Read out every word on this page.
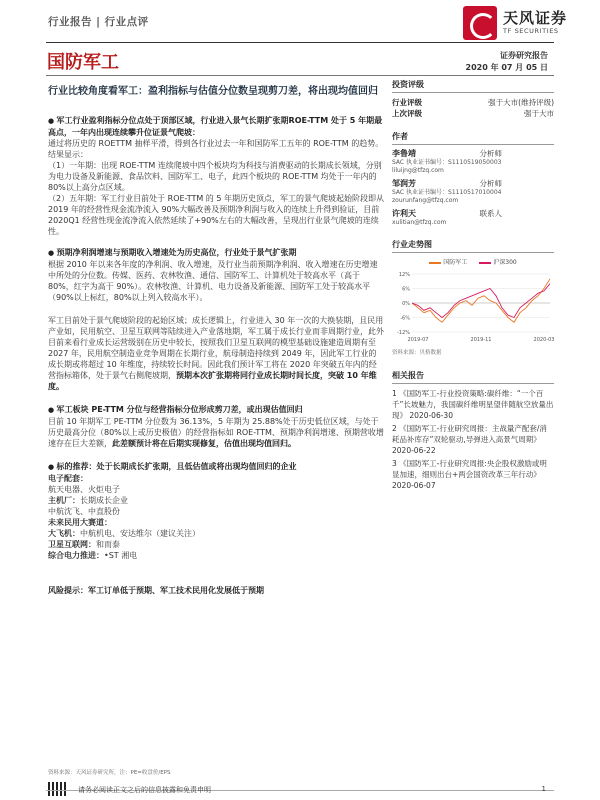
行业报告 | 行业点评	天风证券
TF SECURITIES
国防军工	证券研究报告
2020 年 07 月 05 日
行业比较角度看军工：盈利指标与估值分位数呈现剪刀差，将出现均值回归
● 军工行业盈利指标分位点处于顶部区域，行业进入景气长期扩张期ROE-TTM 处于 5 年期最高点，一年内出现连续攀升位证景气爬坡：
通过将历史的 ROETTM 抽样平滑，得到各行业过去一年和国防军工五年的 ROE-TTM 的趋势。结果显示：
（1）一年期：出现 ROE-TTM 连续爬坡中四个板块均为科技与消费驱动的长期成长领域，分别为电力设备及新能源、食品饮料、国防军工、电子，此四个板块的 ROE-TTM 均处于一年内的 80%以上高分点区域。
（2）五年期：军工行业目前处于 ROE-TTM 的 5 年期历史顶点，军工的景气爬坡起始阶段即从 2019 年的经营性现金流净流入 90%大幅改善及预期净利润与收入的连续上升得到验证，目前 2020Q1 经营性现金流净流入依然延续了+90%左右的大幅改善，呈现出行业景气爬坡的连续性。
● 预期净利润增速与预期收入增速处为历史高位，行业处于景气扩张期
根据 2010 年以来各年度的净利润、收入增速，及行业当前预期净利润、收入增速在历史增速中所处的分位数。传媒、医药、农林牧渔、通信、国防军工、计算机处于较高水平（高于 80%，红字为高于 90%）。农林牧渔、计算机、电力设备及新能源、国防军工处于较高水平（90%以上标红，80%以上列入较高水平）。
军工目前处于景气爬坡阶段的起始区域；成长逻辑上，行业进入 30 年一次的大换装期，且民用产业如，民用航空、卫星互联网等陆续进入产业落地期，军工属于成长行业而非周期行业，此外目前来看行业成长运营级别在历史中较长，按照我们卫星互联网的模型基础设施建造周期有至 2027 年，民用航空制造业竞争周期在长期行业，航母制造持续到 2049 年，因此军工行业的成长期或将超过 10 年维度，持续较长时间。因此我们预计军工将在 2020 年突破五年内的经营指标箱体，处于景气右侧爬坡期，预期本次扩张期将同行业成长期时间长度，突破 10 年维度。
● 军工板块 PE-TTM 分位与经营指标分位形成剪刀差，或出现估值回归
目前 10 年期军工 PE-TTM 分位数为 36.13%，5 年期为 25.88%处于历史低位区域，与处于历史最高分位（80%以上或历史极值）的经营指标如 ROE-TTM、预期净利润增速、预期营收增速存在巨大差额，此差额预计将在后期实现修复，估值出现均值回归。
● 标的推荐：处于长期成长扩张期，且低估值或将出现均值回归的企业
电子配套：
航天电器、火炬电子
主机厂：长期成长企业
中航沈飞、中直股份
未来民用大赛道：
大飞机：中航机电、安达维尔（建议关注）
卫星互联网：和而泰
综合电力推进：•ST 湘电
风险提示：军工订单低于预期、军工技术民用化发展低于预期
投资评级
行业评级	强于大市(维持评级)
上次评级	强于大市
作者
李鲁靖	分析师
SAC 执业证书编号：S1110519050003
liluijng@tfzq.com
邹润芳	分析师
SAC 执业证书编号：S1110517010004
zourunfang@tfzq.com
许利天	联系人
xulitian@tfzq.com
行业走势图
国防军工	沪深300
12%
6%
0%
-6%
-12%
2019-07	2019-11	2020-03
资料来源：贝格数据
相关报告
1 《国防军工-行业投资策略:碳纤维：“一个百千”长坡魅力，我国碳纤维明星望伴随航空放量出现》 2020-06-30
2 《国防军工-行业研究周报：主战量产配套/消耗品补库存”双轮驱动,导弹进入高景气周期》 2020-06-22
3 《国防军工-行业研究周报:央企股权激励或明显加速，细则出台+两会国资改革三年行动》 2020-06-07
资料来源：天风证券研究所，注：PE=收盘价/EPS
请务必阅读正文之后的信息披露和免责申明	1
